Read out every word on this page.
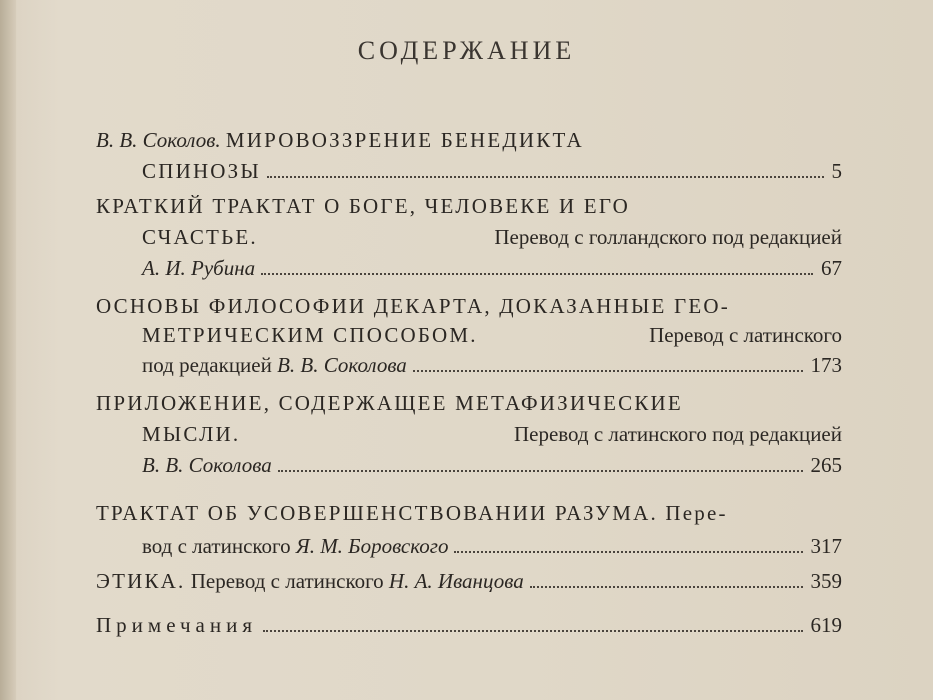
СОДЕРЖАНИЕ
В. В. Соколов. МИРОВОЗЗРЕНИЕ БЕНЕДИКТА
СПИНОЗЫ	5
КРАТКИЙ ТРАКТАТ О БОГЕ, ЧЕЛОВЕКЕ И ЕГО
СЧАСТЬЕ.	Перевод с голландского под редакцией
А. И. Рубина	67
ОСНОВЫ ФИЛОСОФИИ ДЕКАРТА, ДОКАЗАННЫЕ ГЕО-
МЕТРИЧЕСКИМ СПОСОБОМ.	Перевод с латинского
под редакцией В. В. Соколова	173
ПРИЛОЖЕНИЕ, СОДЕРЖАЩЕЕ МЕТАФИЗИЧЕСКИЕ
МЫСЛИ.	Перевод с латинского под редакцией
В. В. Соколова	265
ТРАКТАТ ОБ УСОВЕРШЕНСТВОВАНИИ РАЗУМА. Пере-
вод с латинского Я. М. Боровского	317
ЭТИКА. Перевод с латинского Н. А. Иванцова	359
Примечания	619
